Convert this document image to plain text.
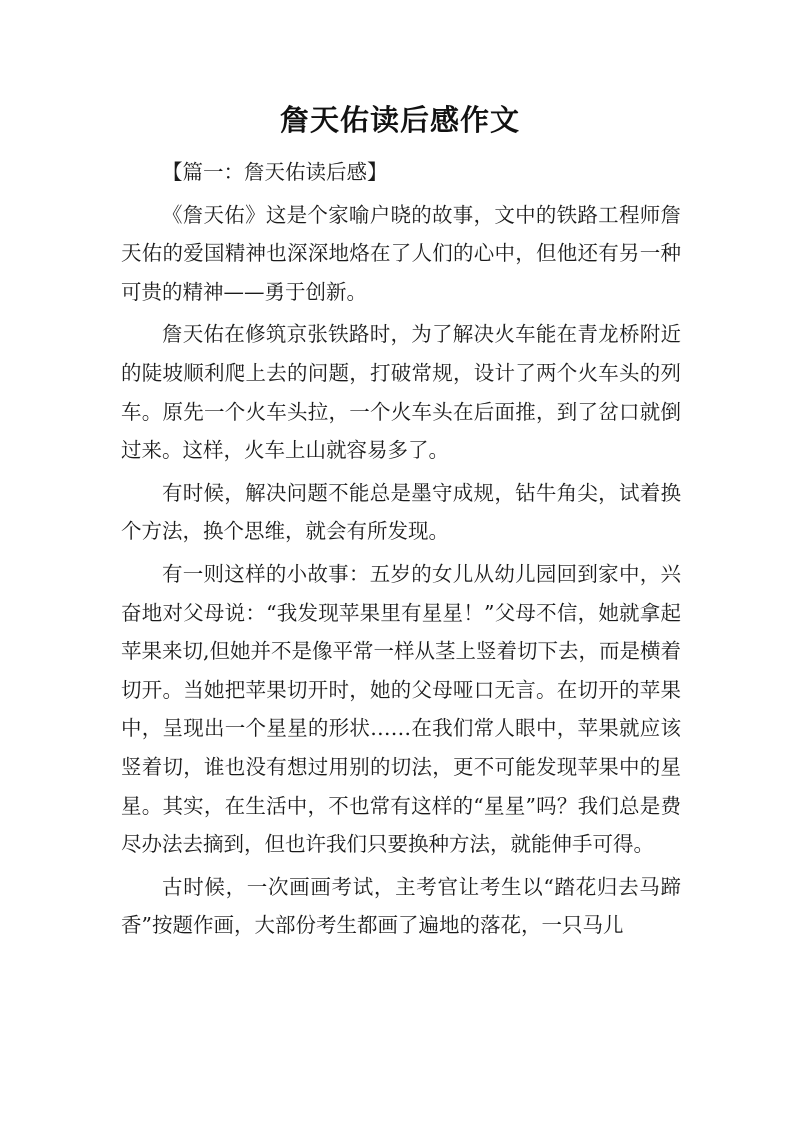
詹天佑读后感作文

【篇一：詹天佑读后感】

《詹天佑》这是个家喻户晓的故事，文中的铁路工程师詹天佑的爱国精神也深深地烙在了人们的心中，但他还有另一种可贵的精神——勇于创新。

詹天佑在修筑京张铁路时，为了解决火车能在青龙桥附近的陡坡顺利爬上去的问题，打破常规，设计了两个火车头的列车。原先一个火车头拉，一个火车头在后面推，到了岔口就倒过来。这样，火车上山就容易多了。

有时候，解决问题不能总是墨守成规，钻牛角尖，试着换个方法，换个思维，就会有所发现。

有一则这样的小故事：五岁的女儿从幼儿园回到家中，兴奋地对父母说：“我发现苹果里有星星！”父母不信，她就拿起苹果来切,但她并不是像平常一样从茎上竖着切下去，而是横着切开。当她把苹果切开时，她的父母哑口无言。在切开的苹果中，呈现出一个星星的形状……在我们常人眼中，苹果就应该竖着切，谁也没有想过用别的切法，更不可能发现苹果中的星星。其实，在生活中，不也常有这样的“星星”吗？我们总是费尽办法去摘到，但也许我们只要换种方法，就能伸手可得。

古时候，一次画画考试，主考官让考生以“踏花归去马蹄香”按题作画，大部份考生都画了遍地的落花，一只马儿
